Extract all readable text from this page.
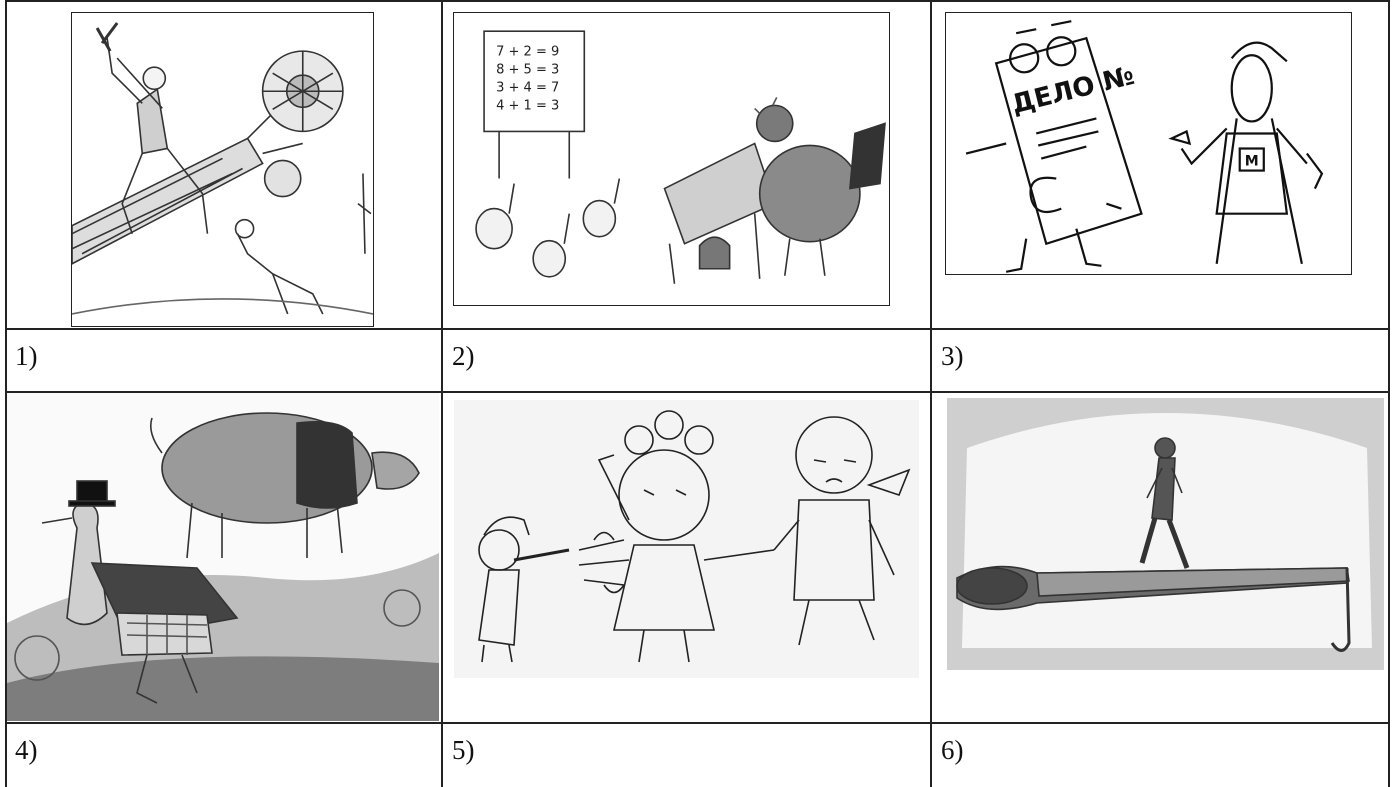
1)
7 + 2 = 9
8 + 5 = 3
3 + 4 = 7
4 + 1 = 3
2)
ДЕЛО №
М
3)
4)	5)	6)
